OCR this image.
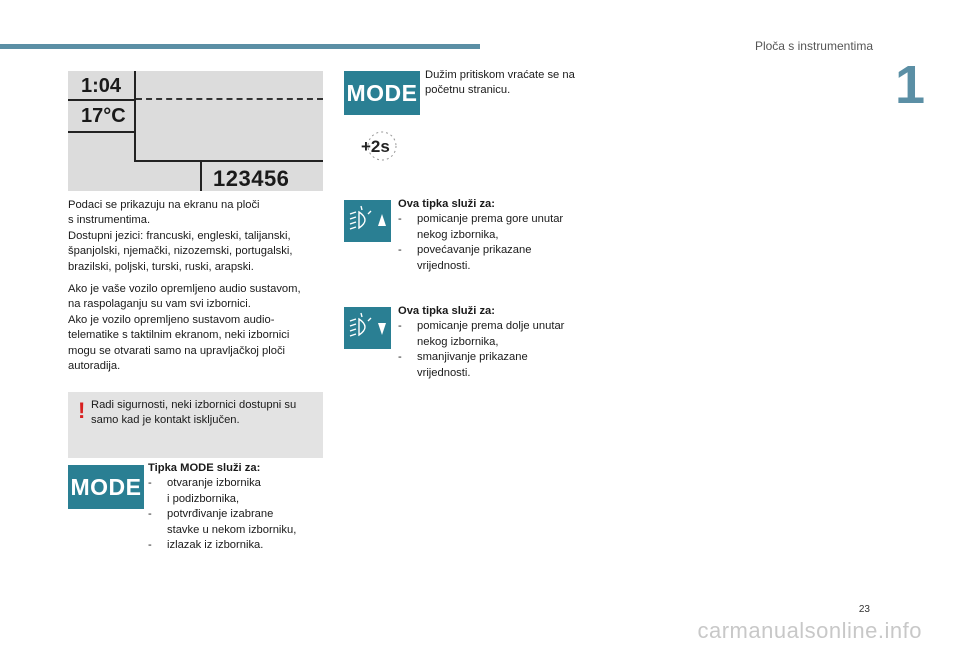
Ploča s instrumentima
1
1:04
17°C
123456
Podaci se prikazuju na ekranu na ploči
s instrumentima.
Dostupni jezici: francuski, engleski, talijanski,
španjolski, njemački, nizozemski, portugalski,
brazilski, poljski, turski, ruski, arapski.
Ako je vaše vozilo opremljeno audio sustavom,
na raspolaganju su vam svi izbornici.
Ako je vozilo opremljeno sustavom audio-
telematike s taktilnim ekranom, neki izbornici
mogu se otvarati samo na upravljačkoj ploči
autoradija.
! Radi sigurnosti, neki izbornici dostupni su
samo kad je kontakt isključen.
MODE
Tipka MODE služi za:
- otvaranje izbornika
i podizbornika,
- potvrđivanje izabrane
stavke u nekom izborniku,
- izlazak iz izbornika.
MODE
Dužim pritiskom vraćate se na
početnu stranicu.
+2s
Ova tipka služi za:
- pomicanje prema gore unutar
nekog izbornika,
- povećavanje prikazane
vrijednosti.
Ova tipka služi za:
- pomicanje prema dolje unutar
nekog izbornika,
- smanjivanje prikazane
vrijednosti.
23
carmanualsonline.info
